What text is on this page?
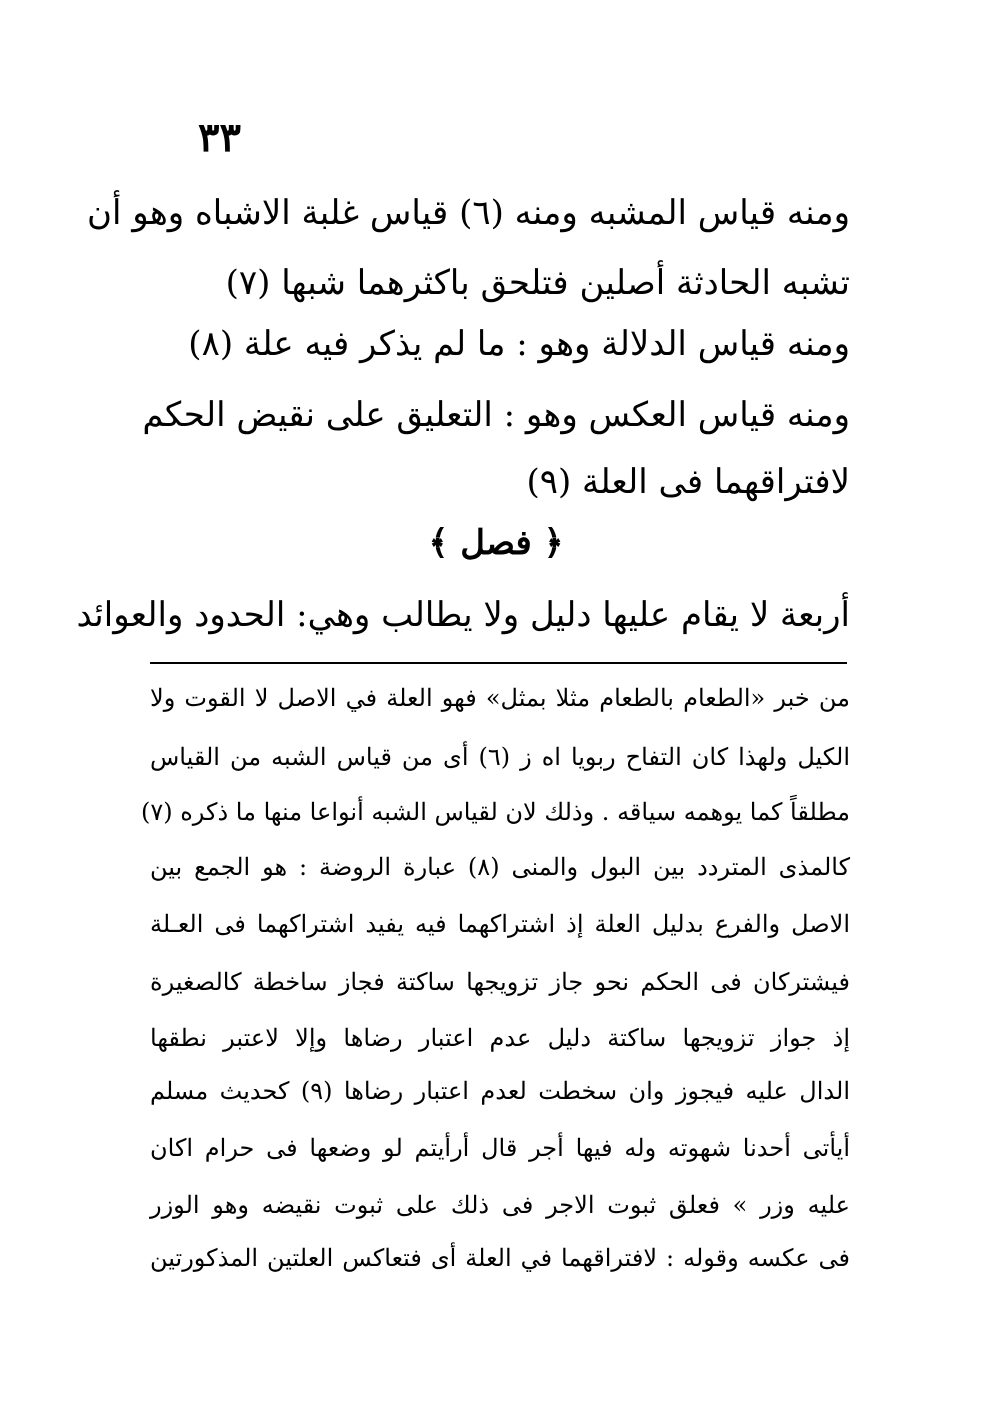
٣٣
ومنه قياس المشبه ومنه (٦) قياس غلبة الاشباه وهو أن
تشبه الحادثة أصلين فتلحق باكثرهما شبها (٧)
ومنه قياس الدلالة وهو : ما لم يذكر فيه علة (٨)
ومنه قياس العكس وهو : التعليق على نقيض الحكم
لافتراقهما فى العلة (٩)
﴿ فصل ﴾
أربعة لا يقام عليها دليل ولا يطالب وهي: الحدود والعوائد
من خبر «الطعام بالطعام مثلا بمثل» فهو العلة في الاصل لا القوت ولا
الكيل ولهذا كان التفاح ربويا اه ز (٦) أى من قياس الشبه من القياس
مطلقاً كما يوهمه سياقه . وذلك لان لقياس الشبه أنواعا منها ما ذكره (٧)
كالمذى المتردد بين البول والمنى (٨) عبارة الروضة : هو الجمع بين
الاصل والفرع بدليل العلة إذ اشتراكهما فيه يفيد اشتراكهما فى العـلة
فيشتركان فى الحكم نحو جاز تزويجها ساكتة فجاز ساخطة كالصغيرة
إذ جواز تزويجها ساكتة دليل عدم اعتبار رضاها وإلا لاعتبر نطقها
الدال عليه فيجوز وان سخطت لعدم اعتبار رضاها (٩) كحديث مسلم
أيأتى أحدنا شهوته وله فيها أجر قال أرأيتم لو وضعها فى حرام اكان
عليه وزر » فعلق ثبوت الاجر فى ذلك على ثبوت نقيضه وهو الوزر
فى عكسه وقوله : لافتراقهما في العلة أى فتعاكس العلتين المذكورتين
